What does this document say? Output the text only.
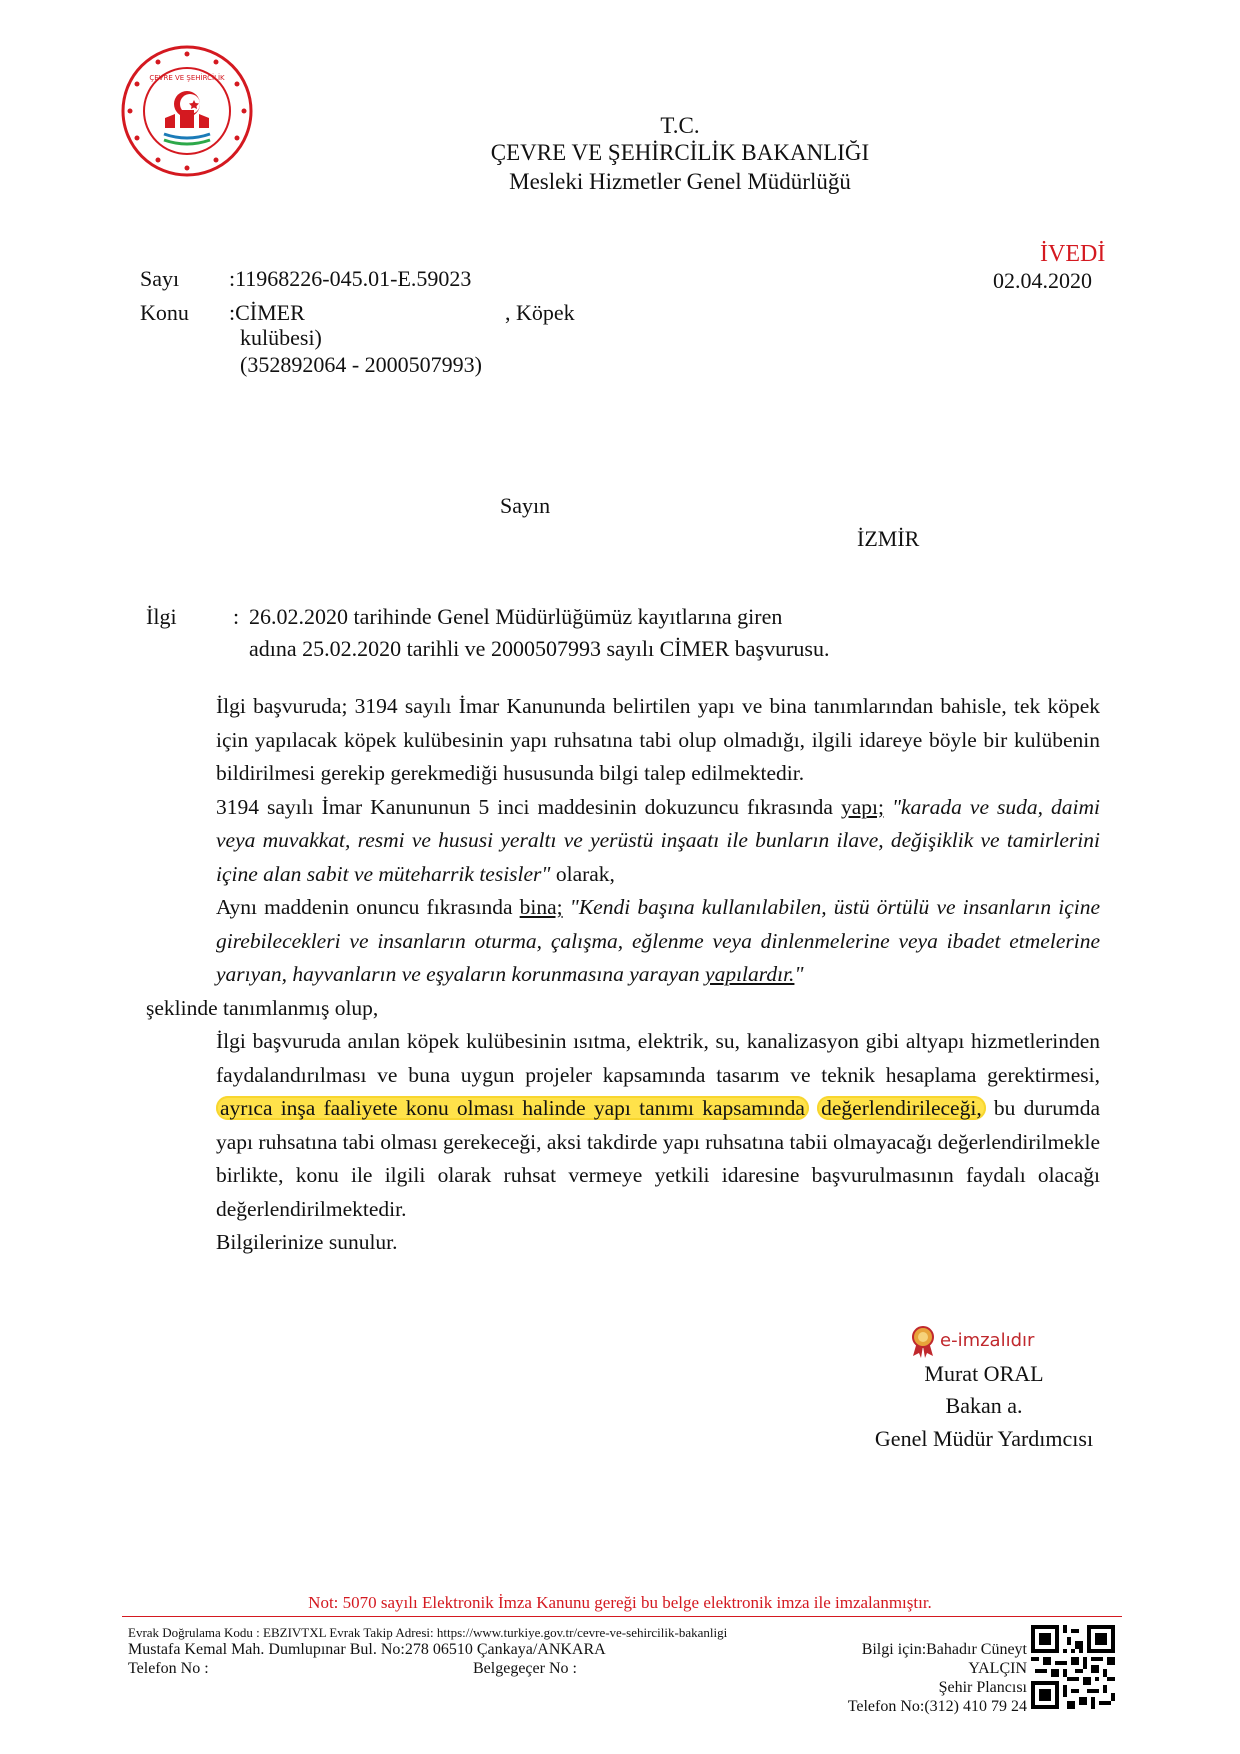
ÇEVRE VE ŞEHİRCİLİK
T.C.
ÇEVRE VE ŞEHİRCİLİK BAKANLIĞI
Mesleki Hizmetler Genel Müdürlüğü
İVEDİ
02.04.2020
Sayı :11968226-045.01-E.59023
Konu :CİMER	, Köpek
kulübesi)
(352892064 - 2000507993)
Sayın
İZMİR
İlgi	: 26.02.2020 tarihinde Genel Müdürlüğümüz kayıtlarına giren
adına 25.02.2020 tarihli ve 2000507993 sayılı CİMER başvurusu.
İlgi başvuruda; 3194 sayılı İmar Kanununda belirtilen yapı ve bina tanımlarından bahisle, tek köpek için yapılacak köpek kulübesinin yapı ruhsatına tabi olup olmadığı, ilgili idareye böyle bir kulübenin bildirilmesi gerekip gerekmediği hususunda bilgi talep edilmektedir.
3194 sayılı İmar Kanununun 5 inci maddesinin dokuzuncu fıkrasında yapı; "karada ve suda, daimi veya muvakkat, resmi ve hususi yeraltı ve yerüstü inşaatı ile bunların ilave, değişiklik ve tamirlerini içine alan sabit ve müteharrik tesisler" olarak,
Aynı maddenin onuncu fıkrasında bina; "Kendi başına kullanılabilen, üstü örtülü ve insanların içine girebilecekleri ve insanların oturma, çalışma, eğlenme veya dinlenmelerine veya ibadet etmelerine yarıyan, hayvanların ve eşyaların korunmasına yarayan yapılardır."
şeklinde tanımlanmış olup,
İlgi başvuruda anılan köpek kulübesinin ısıtma, elektrik, su, kanalizasyon gibi altyapı hizmetlerinden faydalandırılması ve buna uygun projeler kapsamında tasarım ve teknik hesaplama gerektirmesi, ayrıca inşa faaliyete konu olması halinde yapı tanımı kapsamında değerlendirileceği, bu durumda yapı ruhsatına tabi olması gerekeceği, aksi takdirde yapı ruhsatına tabii olmayacağı değerlendirilmekle birlikte, konu ile ilgili olarak ruhsat vermeye yetkili idaresine başvurulmasının faydalı olacağı değerlendirilmektedir.
Bilgilerinize sunulur.
e-imzalıdır
Murat ORAL
Bakan a.
Genel Müdür Yardımcısı
Not: 5070 sayılı Elektronik İmza Kanunu gereği bu belge elektronik imza ile imzalanmıştır.
Evrak Doğrulama Kodu : EBZIVTXL Evrak Takip Adresi: https://www.turkiye.gov.tr/cevre-ve-sehircilik-bakanligi
Mustafa Kemal Mah. Dumlupınar Bul. No:278 06510 Çankaya/ANKARA
Telefon No :	Belgegeçer No :
Bilgi için:Bahadır Cüneyt
YALÇIN
Şehir Plancısı
Telefon No:(312) 410 79 24
